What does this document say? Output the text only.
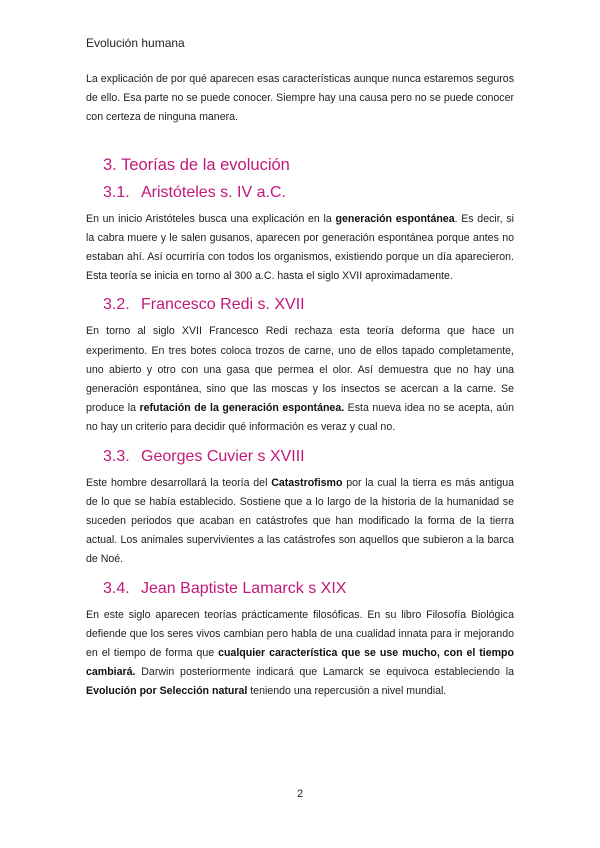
Evolución humana

La explicación de por qué aparecen esas características aunque nunca estaremos seguros de ello. Esa parte no se puede conocer. Siempre hay una causa pero no se puede conocer con certeza de ninguna manera.

3. Teorías de la evolución
3.1. Aristóteles s. IV a.C.

En un inicio Aristóteles busca una explicación en la generación espontánea. Es decir, si la cabra muere y le salen gusanos, aparecen por generación espontánea porque antes no estaban ahí. Así ocurriría con todos los organismos, existiendo porque un día aparecieron. Esta teoría se inicia en torno al 300 a.C. hasta el siglo XVII aproximadamente.

3.2. Francesco Redi s. XVII

En torno al siglo XVII Francesco Redi rechaza esta teoría deforma que hace un experimento. En tres botes coloca trozos de carne, uno de ellos tapado completamente, uno abierto y otro con una gasa que permea el olor. Así demuestra que no hay una generación espontánea, sino que las moscas y los insectos se acercan a la carne. Se produce la refutación de la generación espontánea. Esta nueva idea no se acepta, aún no hay un criterio para decidir qué información es veraz y cual no.

3.3. Georges Cuvier s XVIII

Este hombre desarrollará la teoría del Catastrofismo por la cual la tierra es más antigua de lo que se había establecido. Sostiene que a lo largo de la historia de la humanidad se suceden periodos que acaban en catástrofes que han modificado la forma de la tierra actual. Los animales supervivientes a las catástrofes son aquellos que subieron a la barca de Noé.

3.4. Jean Baptiste Lamarck s XIX

En este siglo aparecen teorías prácticamente filosóficas. En su libro Filosofía Biológica defiende que los seres vivos cambian pero habla de una cualidad innata para ir mejorando en el tiempo de forma que cualquier característica que se use mucho, con el tiempo cambiará. Darwin posteriormente indicará que Lamarck se equivoca estableciendo la Evolución por Selección natural teniendo una repercusión a nivel mundial.

2
